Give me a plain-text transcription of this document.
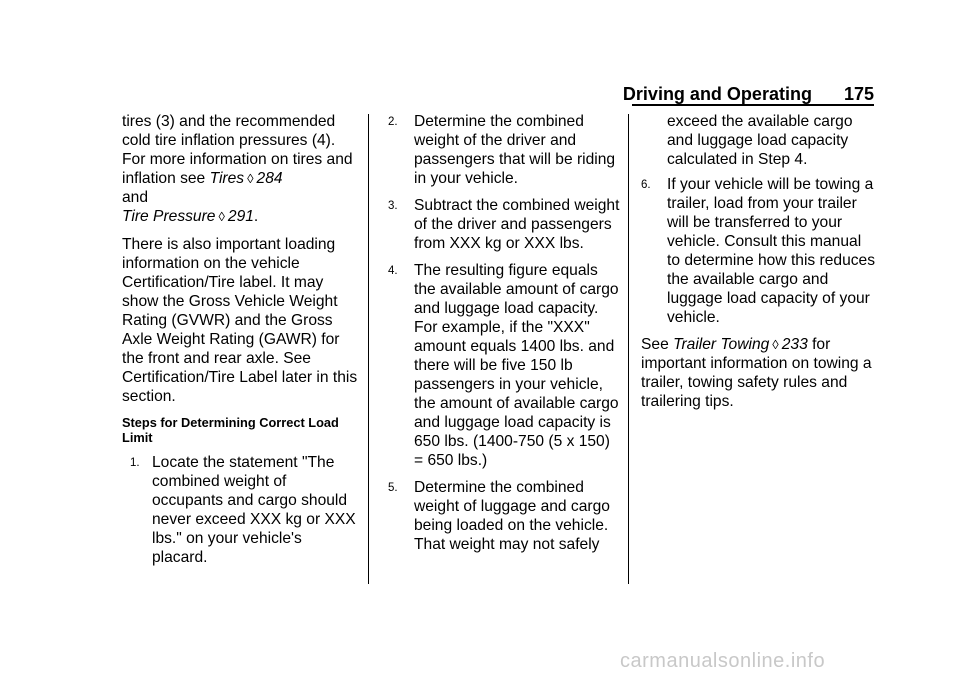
Driving and Operating 175

tires (3) and the recommended cold tire inflation pressures (4). For more information on tires and inflation see Tires ◊ 284
and
Tire Pressure ◊ 291.

There is also important loading information on the vehicle Certification/Tire label. It may show the Gross Vehicle Weight Rating (GVWR) and the Gross Axle Weight Rating (GAWR) for the front and rear axle. See Certification/Tire Label later in this section.

Steps for Determining Correct Load Limit
1. Locate the statement "The combined weight of occupants and cargo should never exceed XXX kg or XXX lbs." on your vehicle's placard.
2. Determine the combined weight of the driver and passengers that will be riding in your vehicle.
3. Subtract the combined weight of the driver and passengers from XXX kg or XXX lbs.
4. The resulting figure equals the available amount of cargo and luggage load capacity. For example, if the "XXX" amount equals 1400 lbs. and there will be five 150 lb passengers in your vehicle, the amount of available cargo and luggage load capacity is 650 lbs. (1400-750 (5 x 150) = 650 lbs.)
5. Determine the combined weight of luggage and cargo being loaded on the vehicle. That weight may not safely
exceed the available cargo and luggage load capacity calculated in Step 4.
6. If your vehicle will be towing a trailer, load from your trailer will be transferred to your vehicle. Consult this manual to determine how this reduces the available cargo and luggage load capacity of your vehicle.

See Trailer Towing ◊ 233 for important information on towing a trailer, towing safety rules and trailering tips.

carmanualsonline.info
